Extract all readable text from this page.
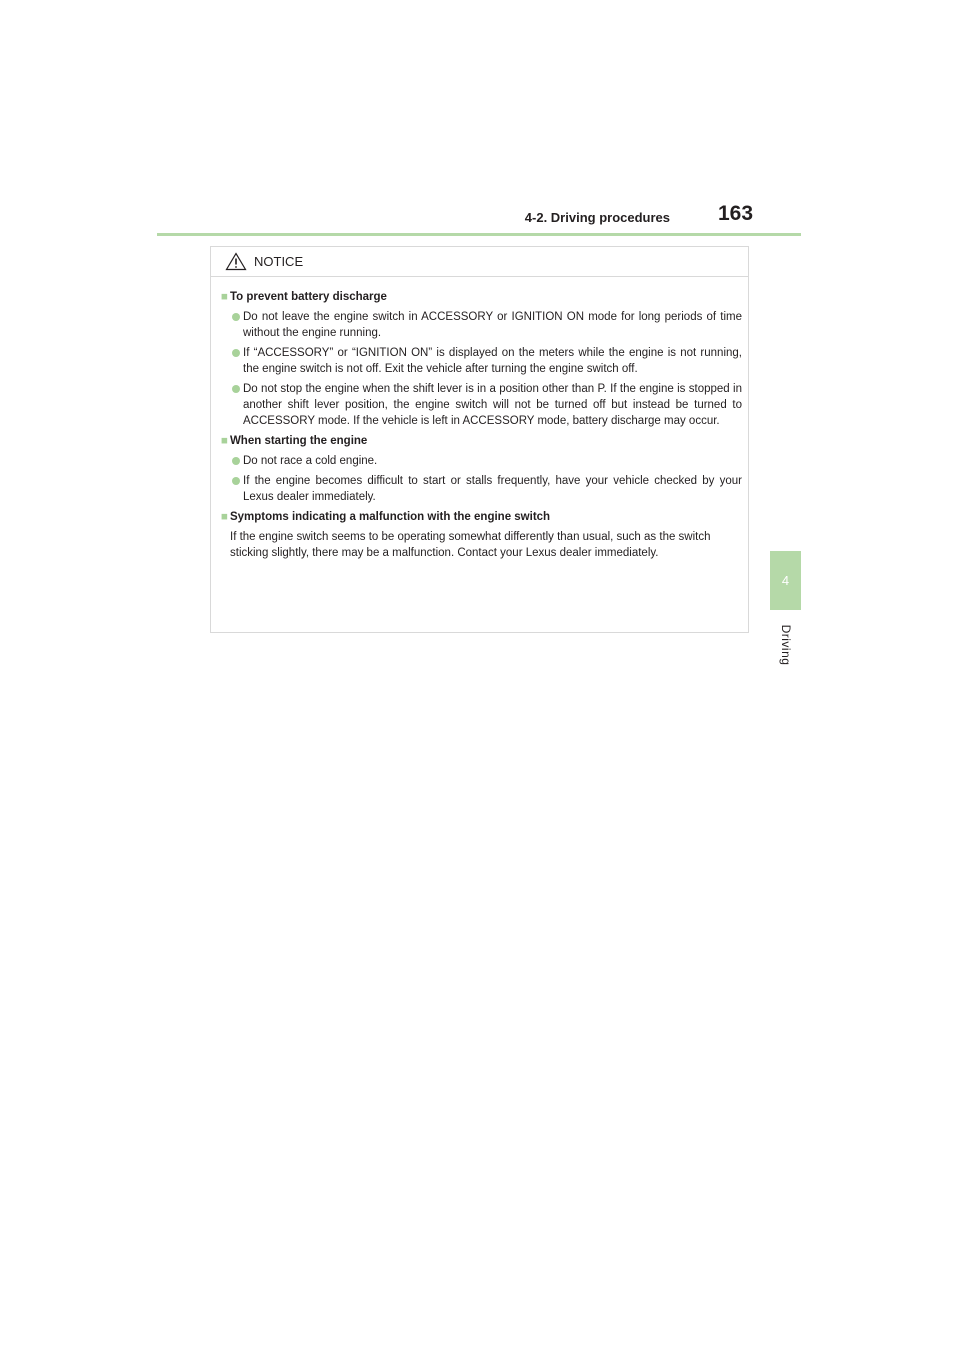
4-2. Driving procedures 163
4
Driving
NOTICE
■ To prevent battery discharge
Do not leave the engine switch in ACCESSORY or IGNITION ON mode for long periods of time without the engine running.
If “ACCESSORY” or “IGNITION ON” is displayed on the meters while the engine is not running, the engine switch is not off. Exit the vehicle after turning the engine switch off.
Do not stop the engine when the shift lever is in a position other than P. If the engine is stopped in another shift lever position, the engine switch will not be turned off but instead be turned to ACCESSORY mode. If the vehicle is left in ACCESSORY mode, battery discharge may occur.
■ When starting the engine
Do not race a cold engine.
If the engine becomes difficult to start or stalls frequently, have your vehicle checked by your Lexus dealer immediately.
■ Symptoms indicating a malfunction with the engine switch
If the engine switch seems to be operating somewhat differently than usual, such as the switch sticking slightly, there may be a malfunction. Contact your Lexus dealer immediately.
